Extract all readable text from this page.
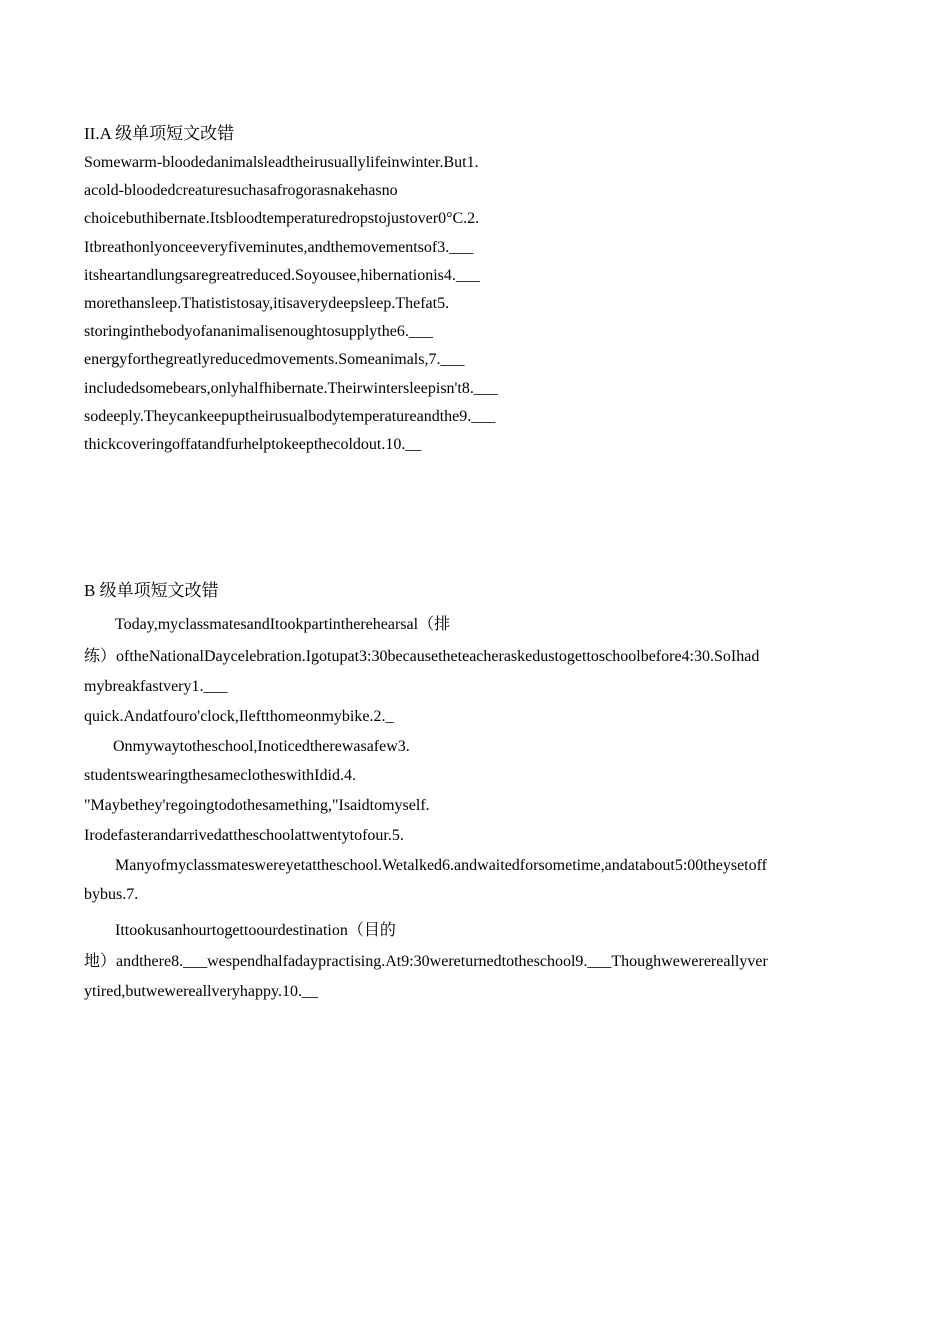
II.A 级单项短文改错
Somewarm-bloodedanimalsleadtheirusuallylifeinwinter.But1.
acold-bloodedcreaturesuchasafrogorasnakehasno
choicebuthibernate.Itsbloodtemperaturedropstojustover0°C.2.
Itbreathonlyonceeveryfiveminutes,andthemovementsof3.___
itsheartandlungsaregreatreduced.Soyousee,hibernationis4.___
morethansleep.Thatististosay,itisaverydeepsleep.Thefat5.
storinginthebodyofananimalisenoughtosupplythe6.___
energyforthegreatlyreducedmovements.Someanimals,7.___
includedsomebears,onlyhalfhibernate.Theirwintersleepisn't8.___
sodeeply.Theycankeepuptheirusualbodytemperatureandthe9.___
thickcoveringoffatandfurhelptokeepthecoldout.10.__
B 级单项短文改错
Today,myclassmatesandItookpartintherehearsal（排
练）oftheNationalDaycelebration.Igotupat3:30becausetheteacheraskedustogettoschoolbefore4:30.SoIhad
mybreakfastvery1.___
quick.Andatfouro'clock,Ileftthomeonmybike.2._
Onmywaytotheschool,Inoticedtherewasafew3.
studentswearingthesameclotheswithIdid.4.
"Maybethey'regoingtodothesamething,"Isaidtomyself.
Irodefasterandarrivedattheschoolattwentytofour.5.
Manyofmyclassmateswereyetattheschool.Wetalked6.andwaitedforsometime,andatabout5:00theysetoff
bybus.7.
Ittookusanhourtogettoourdestination（目的
地）andthere8.___wespendhalfadaypractising.At9:30wereturnedtotheschool9.___Thoughwewerereallyver
ytired,butwewereallveryhappy.10.__
